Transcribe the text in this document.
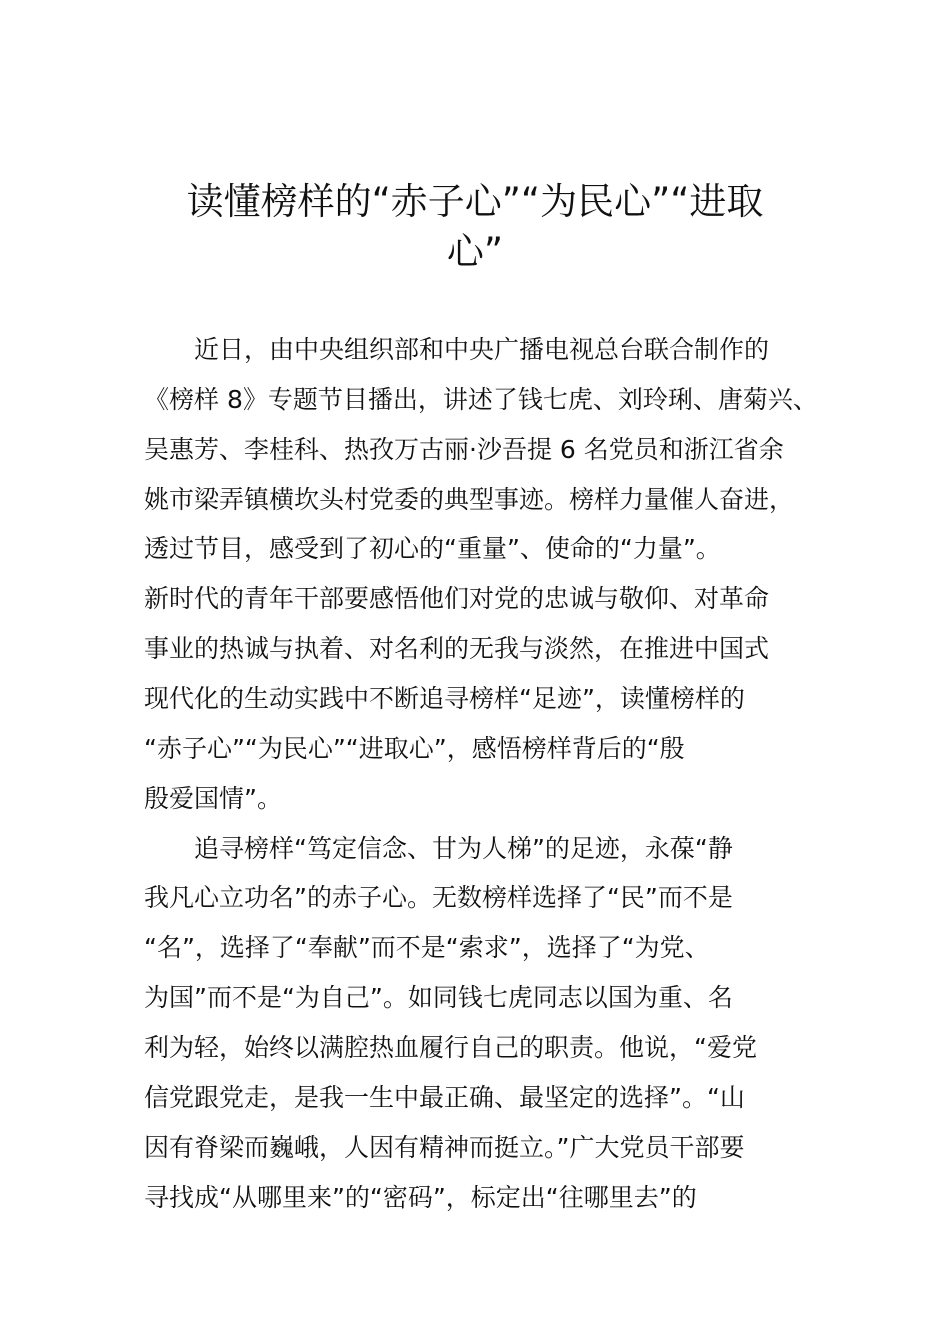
读懂榜样的“赤子心”“为民心”“进取
心”

近日，由中央组织部和中央广播电视总台联合制作的

《榜样 8》专题节目播出，讲述了钱七虎、刘玲琍、唐菊兴、

吴惠芳、李桂科、热孜万古丽·沙吾提 6 名党员和浙江省余

姚市梁弄镇横坎头村党委的典型事迹。榜样力量催人奋进，

透过节目，感受到了初心的“重量”、使命的“力量”。

新时代的青年干部要感悟他们对党的忠诚与敬仰、对革命

事业的热诚与执着、对名利的无我与淡然，在推进中国式

现代化的生动实践中不断追寻榜样“足迹”，读懂榜样的

“赤子心”“为民心”“进取心”，感悟榜样背后的“殷

殷爱国情”。

追寻榜样“笃定信念、甘为人梯”的足迹，永葆“静

我凡心立功名”的赤子心。无数榜样选择了“民”而不是

“名”，选择了“奉献”而不是“索求”，选择了“为党、

为国”而不是“为自己”。如同钱七虎同志以国为重、名

利为轻，始终以满腔热血履行自己的职责。他说，“爱党

信党跟党走，是我一生中最正确、最坚定的选择”。“山

因有脊梁而巍峨，人因有精神而挺立。”广大党员干部要

寻找成“从哪里来”的“密码”，标定出“往哪里去”的
